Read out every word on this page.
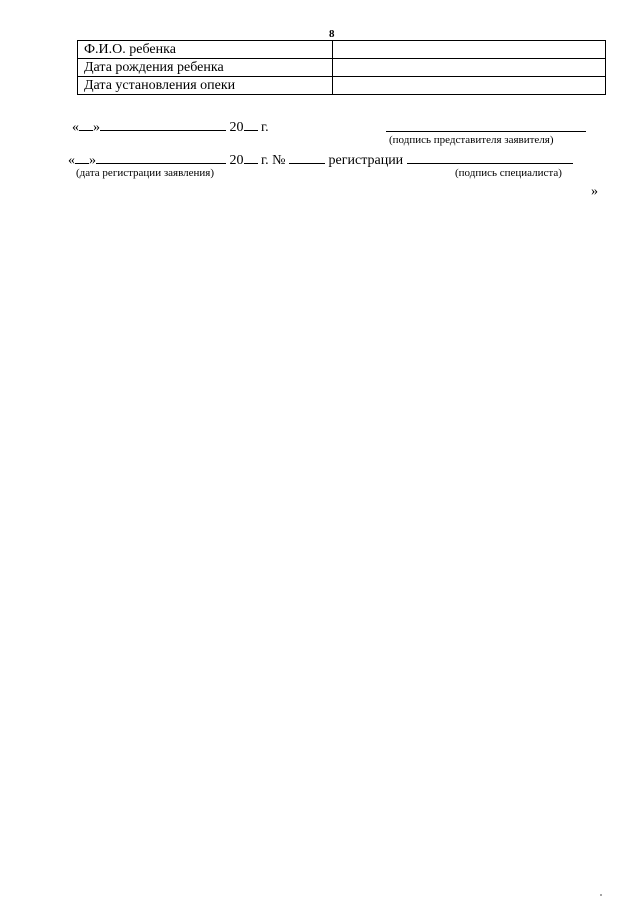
8
Ф.И.О. ребенка	
Дата рождения ребенка	
Дата установления опеки	
« »	20 г.
(подпись представителя заявителя)
« »	20 г. №	регистрации
(дата регистрации заявления)	(подпись специалиста)
»
